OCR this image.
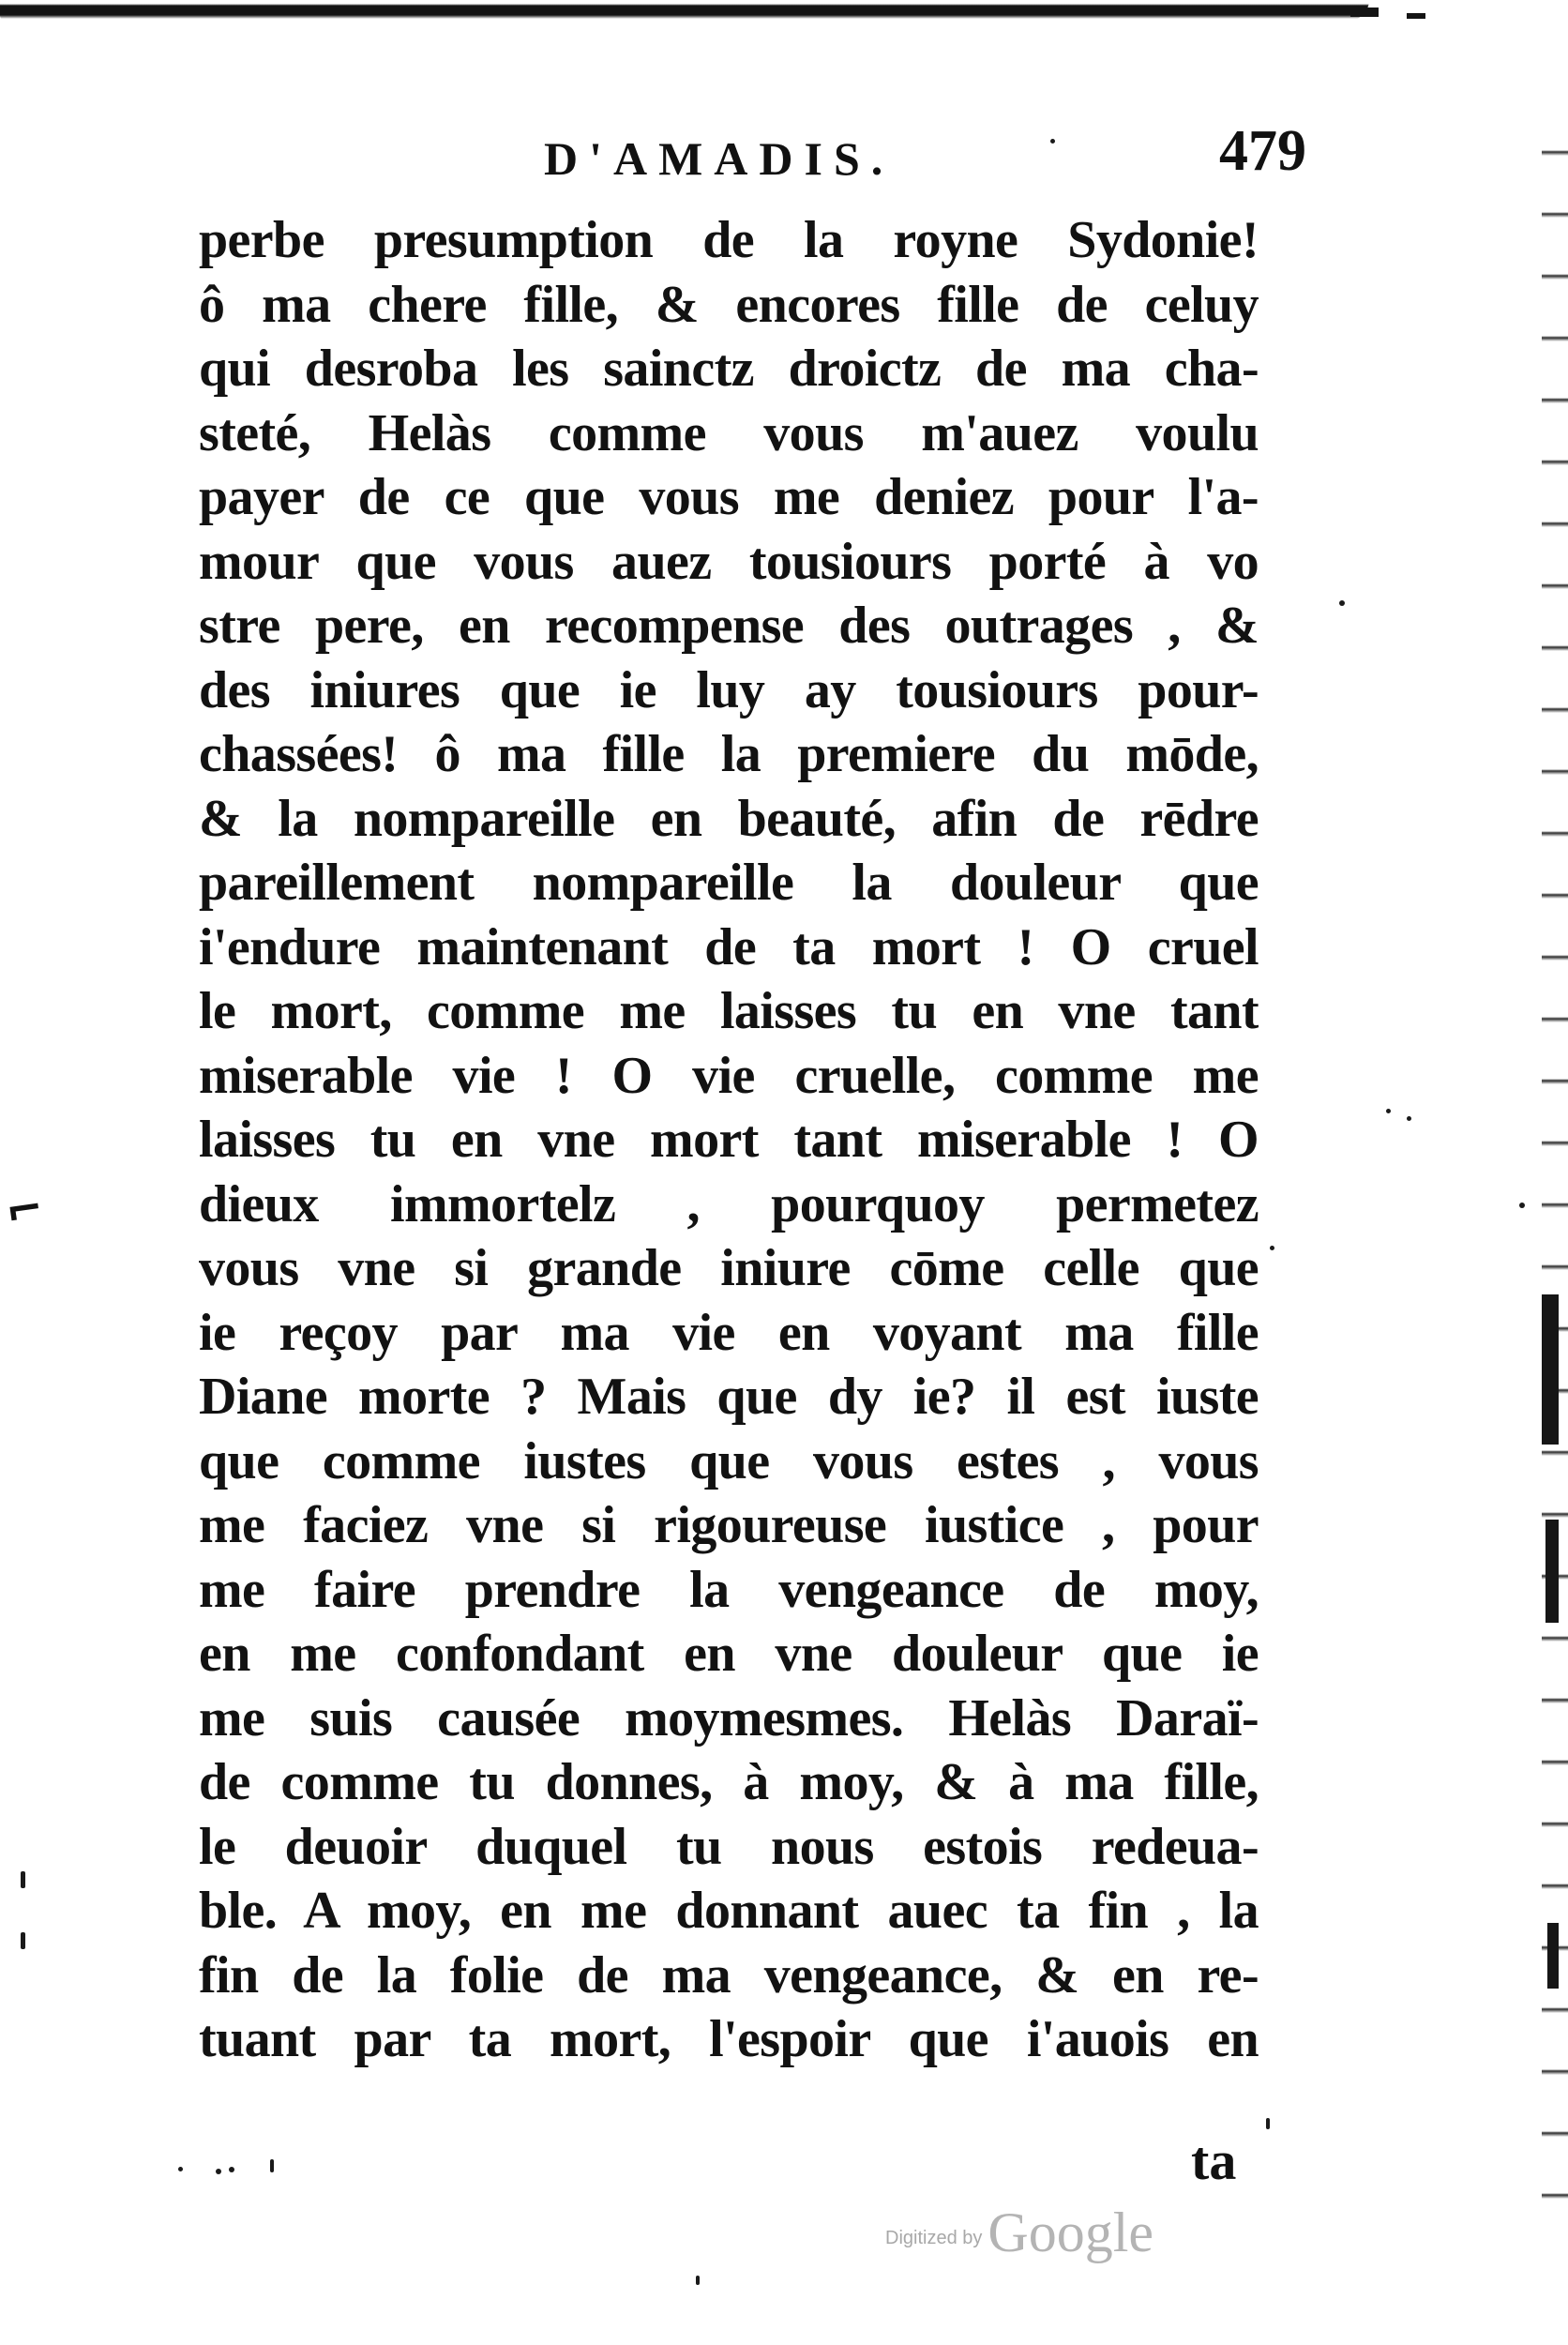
D'AMADIS.	479
perbe presumption de la royne Sydonie!
ô ma chere fille, & encores fille de celuy
qui desroba les sainctz droictz de ma cha-
steté, Helàs comme vous m'auez voulu
payer de ce que vous me deniez pour l'a-
mour que vous auez tousiours porté à vo
stre pere, en recompense des outrages , &
des iniures que ie luy ay tousiours pour-
chassées! ô ma fille la premiere du mōde,
& la nompareille en beauté, afin de rēdre
pareillement nompareille la douleur que
i'endure maintenant de ta mort ! O cruel
le mort, comme me laisses tu en vne tant
miserable vie ! O vie cruelle, comme me
laisses tu en vne mort tant miserable ! O
dieux immortelz , pourquoy permetez
vous vne si grande iniure cōme celle que
ie reçoy par ma vie en voyant ma fille
Diane morte ? Mais que dy ie? il est iuste
que comme iustes que vous estes , vous
me faciez vne si rigoureuse iustice , pour
me faire prendre la vengeance de moy,
en me confondant en vne douleur que ie
me suis causée moymesmes. Helàs Daraï-
de comme tu donnes, à moy, & à ma fille,
le deuoir duquel tu nous estois redeua-
ble. A moy, en me donnant auec ta fin , la
fin de la folie de ma vengeance, & en re-
tuant par ta mort, l'espoir que i'auois en
ta
⌐
Digitized by Google
